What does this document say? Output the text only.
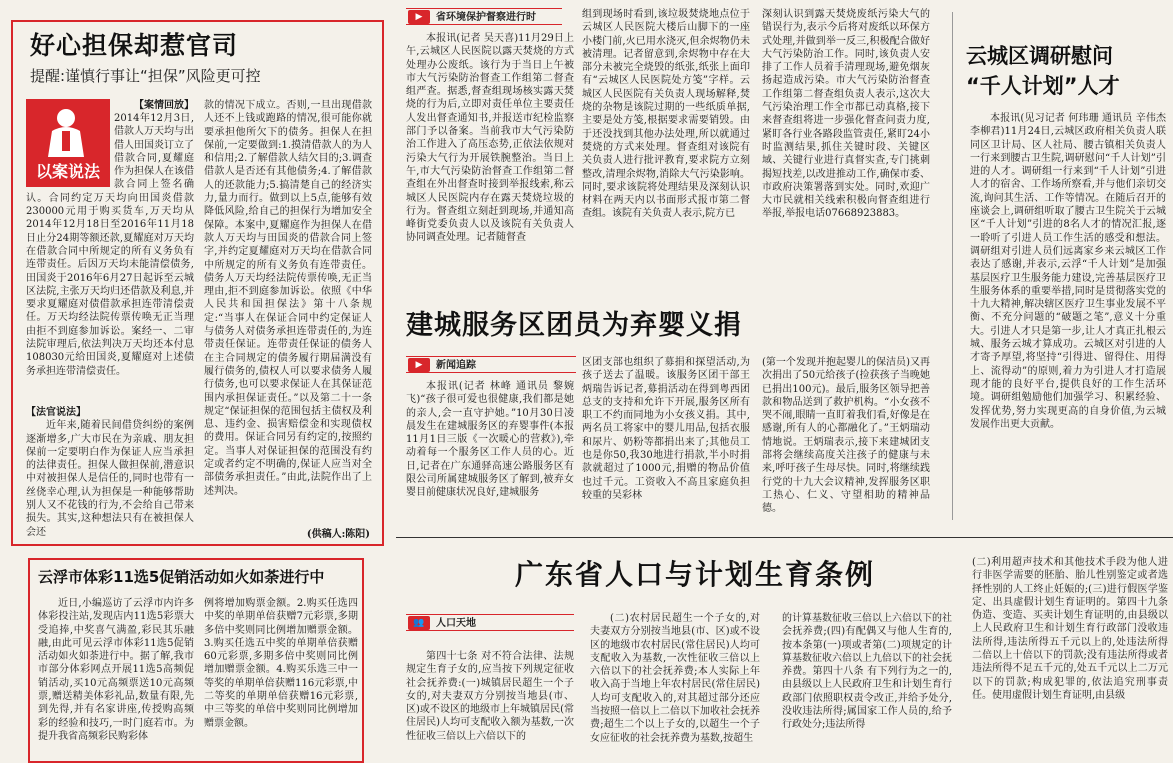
好心担保却惹官司
提醒:谨慎行事让“担保”风险更可控
以案说法
【案情回放】
2014年12月3日,借款人万天均与出借人田国炎订立了借款合同,夏耀庭作为担保人在该借款合同上签名确认。合同约定万天均向田国炎借款230000元用于购买货车,万天均从2014年12月18日至2016年11月18日止分24期等额还款,夏耀庭对万天均在借款合同中所规定的所有义务负有连带责任。后因万天均未能清偿债务,田国炎于2016年6月27日起诉至云城区法院,主张万天均归还借款及利息,并要求夏耀庭对债借款承担连带清偿责任。万天均经法院传票传唤无正当理由拒不到庭参加诉讼。案经一、二审法院审理后,依法判决万天均还本付息108030元给田国炎,夏耀庭对上述债务承担连带清偿责任。
【法官说法】

近年来,随着民间借贷纠纷的案例逐渐增多,广大市民在为亲戚、朋友担保前一定要明白作为保证人应当承担的法律责任。担保人做担保前,潜意识中对被担保人是信任的,同时也带有一丝侥幸心理,认为担保是一种能够帮助别人又不花钱的行为,不会给自己带来损失。其实,这种想法只有在被担保人会还

款的情况下成立。否则,一旦出现借款人还不上钱或跑路的情况,很可能你就要承担他所欠下的债务。担保人在担保前,一定要做到:1.摸清借款人的为人和信用;2.了解借款人结欠目的;3.调查借款人是否还有其他债务;4.了解借款人的还款能力;5.搞清楚自己的经济实力,量力而行。做到以上5点,能够有效降低风险,给自己的担保行为增加安全保障。本案中,夏耀庭作为担保人在借款人万天均与田国炎的借款合同上签字,并约定夏耀庭对万天均在借款合同中所规定的所有义务负有连带责任。债务人万天均经法院传票传唤,无正当理由,拒不到庭参加诉讼。依照《中华人民共和国担保法》第十八条规定:“当事人在保证合同中约定保证人与债务人对债务承担连带责任的,为连带责任保证。连带责任保证的债务人在主合同规定的债务履行期届满没有履行债务的,债权人可以要求债务人履行债务,也可以要求保证人在其保证范围内承担保证责任。”以及第二十一条规定“保证担保的范围包括主债权及利息、违约金、损害赔偿金和实现债权的费用。保证合同另有约定的,按照约定。当事人对保证担保的范围没有约定或者约定不明确的,保证人应当对全部债务承担责任。”由此,法院作出了上述判决。
(供稿人:陈阳)
▶	省环境保护督察进行时

本报讯(记者 吴天喜)11月29日上午,云城区人民医院以露天焚烧的方式处理办公废纸。该行为于当日上午被市大气污染防治督查工作组第二督查组严查。据悉,督查组现场核实露天焚烧的行为后,立即对责任单位主要责任人发出督查通知书,并报送市纪检监察部门予以备案。当前我市大气污染防治工作进入了高压态势,正依法依规对污染大气行为开展铁腕整治。当日上午,市大气污染防治督查工作组第二督查组在外出督查时接到举报线索,称云城区人民医院内存在露天焚烧垃圾的行为。督查组立刻赶到现场,并通知高峰街党委负责人以及该院有关负责人协同调查处理。记者随督查

组到现场时看到,该垃圾焚烧地点位于云城区人民医院大楼后山脚下的一座小楼门前,火已用水浇灭,但余烬物仍未被清理。记者留意到,余烬物中存在大部分未被完全烧毁的纸张,纸张上面印有“云城区人民医院处方笺”字样。云城区人民医院有关负责人现场解释,焚烧的杂物是该院过期的一些纸质单据,主要是处方笺,根据要求需要销毁。由于还没找到其他办法处理,所以就通过焚烧的方式来处理。督查组对该院有关负责人进行批评教育,要求院方立刻整改,清理余烬物,消除大气污染影响。同时,要求该院将处理结果及深刻认识材料在两天内以书面形式报市第二督查组。该院有关负责人表示,院方已
深刻认识到露天焚烧废纸污染大气的错误行为,表示今后将对废纸以环保方式处理,并做到举一反三,积极配合做好大气污染防治工作。同时,该负责人安排了工作人员着手清理现场,避免烟灰扬起造成污染。市大气污染防治督查工作组第二督查组负责人表示,这次大气污染治理工作全市都已动真格,接下来督查组将进一步强化督查问责力度,紧盯各行业各路段监管责任,紧盯24小时监测结果,抓住关键时段、关键区域、关键行业进行真督实查,专门挑刺揭短找差,以改进推动工作,确保市委、市政府决策署落到实处。同时,欢迎广大市民就相关线索积极向督查组进行举报,举报电话07668923883。
云城区调研慰问
“千人计划”人才

本报讯(见习记者 何玮珊 通讯员 辛伟杰 李柳君)11月24日,云城区政府相关负责人联同区卫计局、区人社局、腰古镇相关负责人一行来到腰古卫生院,调研慰问“千人计划”引进的人才。调研组一行来到“千人计划”引进人才的宿舍、工作场所察看,并与他们亲切交流,询问其生活、工作等情况。在随后召开的座谈会上,调研组听取了腰古卫生院关于云城区“千人计划”引进的8名人才的情况汇报,逐一聆听了引进人员工作生活的感受和想法。调研组对引进人员们远离家乡来云城区工作表达了感谢,并表示,云浮“千人计划”是加强基层医疗卫生服务能力建设,完善基层医疗卫生服务体系的重要举措,同时是贯彻落实党的十九大精神,解决辖区医疗卫生事业发展不平衡、不充分问题的“破题之笔”,意义十分重大。引进人才只是第一步,让人才真正扎根云城、服务云城才算成功。云城区对引进的人才寄予厚望,将坚持“引得进、留得住、用得上、流得动”的原则,着力为引进人才打造展现才能的良好平台,提供良好的工作生活环境。调研组勉励他们加强学习、积累经验、发挥优势,努力实现更高的自身价值,为云城发展作出更大贡献。

建城服务区团员为弃婴义捐
▶	新闻追踪

本报讯(记者 林峰 通讯员 黎婉飞)“孩子很可爱也很健康,我们都是她的亲人,会一直守护她。”10月30日凌晨发生在建城服务区的弃婴事件(本报11月1日三版《一次暖心的营救》),牵动着每一个服务区工作人员的心。近日,记者在广东通驿高速公路服务区有限公司所属建城服务区了解到,被弃女婴目前健康状况良好,建城服务

区团支部也组织了募捐和探望活动,为孩子送去了温暖。该服务区团干部王炳瑞告诉记者,募捐活动在得到粤西团总支的支持和允许下开展,服务区所有职工不约而同地为小女孩义捐。其中,两名员工将家中的婴儿用品,包括衣服和尿片、奶粉等都捐出来了;其他员工也是你50,我30地进行捐款,半小时捐款就超过了1000元,捐赠的物品价值也过千元。工资收入不高且家庭负担较重的吴彩林
(第一个发现并抱起婴儿的保洁员)又再次捐出了50元给孩子(捡获孩子当晚她已捐出100元)。最后,服务区领导把善款和物品送到了救护机构。“小女孩不哭不闹,眼睛一直盯着我们看,好像是在感谢,所有人的心都融化了。”王炳瑞动情地说。王炳瑞表示,接下来建城团支部将会继续高度关注孩子的健康与未来,呼吁孩子生母尽快。同时,将继续践行党的十九大会议精神,发挥服务区职工热心、仁义、守望相助的精神品德。
云浮市体彩11选5促销活动如火如荼进行中

近日,小编巡访了云浮市内许多体彩投注站,发现店内11选5彩票大受追捧,中奖喜气满盈,彩民其乐融融,由此可见云浮市体彩11选5促销活动如火如荼进行中。据了解,我市市部分体彩网点开展11选5高频促销活动,买10元高频票送10元高频票,赠送精美体彩礼品,数量有限,先到先得,并有名家讲座,传授购高频彩的经验和技巧,一时门庭若市。为提升我省高频彩民购彩体

例将增加购票金额。2.购买任选四中奖的单期单倍获赠7元彩票,多期多倍中奖则同比例增加赠票金额。3.购买任选五中奖的单期单倍获赠60元彩票,多期多倍中奖则同比例增加赠票金额。4.购买乐选三中一等奖的单期单倍获赠116元彩票,中二等奖的单期单倍获赠16元彩票,中三等奖的单倍中奖则同比例增加赠票金额。
广东省人口与计划生育条例
👥	人口天地

第四十七条 对不符合法律、法规规定生育子女的,应当按下列规定征收社会抚养费:(一)城镇居民超生一个子女的,对夫妻双方分别按当地县(市、区)或不设区的地级市上年城镇居民(常住居民)人均可支配收入额为基数,一次性征收三倍以上六倍以下的

(二)农村居民超生一个子女的,对夫妻双方分别按当地县(市、区)或不设区的地级市农村居民(常住居民)人均可支配收入为基数,一次性征收三倍以上六倍以下的社会抚养费;本人实际上年收入高于当地上年农村居民(常住居民)人均可支配收入的,对其超过部分还应当按照一倍以上二倍以下加收社会抚养费;超生二个以上子女的,以超生一个子女应征收的社会抚养费为基数,按超生

的计算基数征收三倍以上六倍以下的社会抚养费;(四)有配偶又与他人生育的,按本条第(一)项或者第(二)项规定的计算基数征收六倍以上九倍以下的社会抚养费。第四十八条 有下列行为之一的,由县级以上人民政府卫生和计划生育行政部门依照职权责令改正,并给予处分,没收违法所得;属国家工作人员的,给予行政处分;违法所得
(二)利用超声技术和其他技术手段为他人进行非医学需要的胚胎、胎儿性别鉴定或者选择性别的人工终止妊娠的;(三)进行假医学鉴定、出具虚假计划生育证明的。第四十九条 伪造、变造、买卖计划生育证明的,由县级以上人民政府卫生和计划生育行政部门没收违法所得,违法所得五千元以上的,处违法所得二倍以上十倍以下的罚款;没有违法所得或者违法所得不足五千元的,处五千元以上二万元以下的罚款;构成犯罪的,依法追究刑事责任。使用虚假计划生育证明,由县级
